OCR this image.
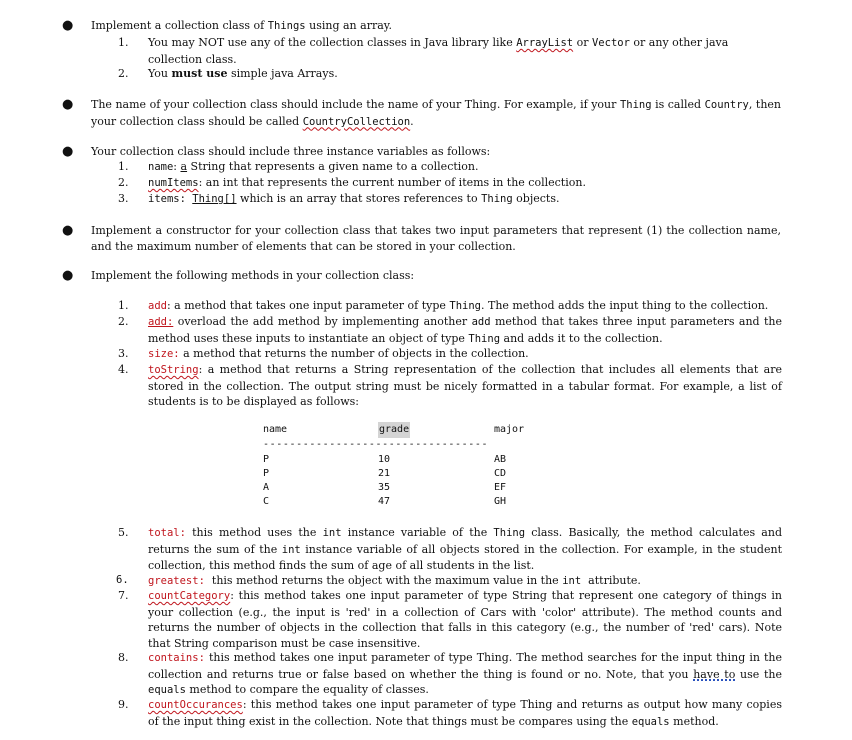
● Implement a collection class of Things using an array.
1.	You may NOT use any of the collection classes in Java library like ArrayList or Vector or any other java collection class.
2.	You must use simple java Arrays.
● The name of your collection class should include the name of your Thing. For example, if your Thing is called Country, then your collection class should be called CountryCollection.
● Your collection class should include three instance variables as follows:
1.	name: a String that represents a given name to a collection.
2.	numItems: an int that represents the current number of items in the collection.
3.	items: Thing[] which is an array that stores references to Thing objects.
● Implement a constructor for your collection class that takes two input parameters that represent (1) the collection name, and the maximum number of elements that can be stored in your collection.
● Implement the following methods in your collection class:
1.	add: a method that takes one input parameter of type Thing. The method adds the input thing to the collection.
2.	add: overload the add method by implementing another add method that takes three input parameters and the method uses these inputs to instantiate an object of type Thing and adds it to the collection.
3.	size: a method that returns the number of objects in the collection.
4.	toString: a method that returns a String representation of the collection that includes all elements that are stored in the collection. The output string must be nicely formatted in a tabular format. For example, a list of students is to be displayed as follows:
name	grade	major
----------------------------------
P	10	AB
P	21	CD
A	35	EF
C	47	GH
5.	total: this method uses the int instance variable of the Thing class. Basically, the method calculates and returns the sum of the int instance variable of all objects stored in the collection. For example, in the student collection, this method finds the sum of age of all students in the list.
6.	greatest:  this method returns the object with the maximum value in the int  attribute.
7.	countCategory: this method takes one input parameter of type String that represent one category of things in your collection (e.g., the input is 'red' in a collection of Cars with 'color' attribute). The method counts and returns the number of objects in the collection that falls in this category (e.g., the number of 'red' cars). Note that String comparison must be case insensitive.
8.	contains: this method takes one input parameter of type Thing. The method searches for the input thing in the collection and returns true or false based on whether the thing is found or no. Note, that you have to use the equals method to compare the equality of classes.
9.	countOccurances: this method takes one input parameter of type Thing and returns as output how many copies of the input thing exist in the collection. Note that things must be compares using the equals method.
